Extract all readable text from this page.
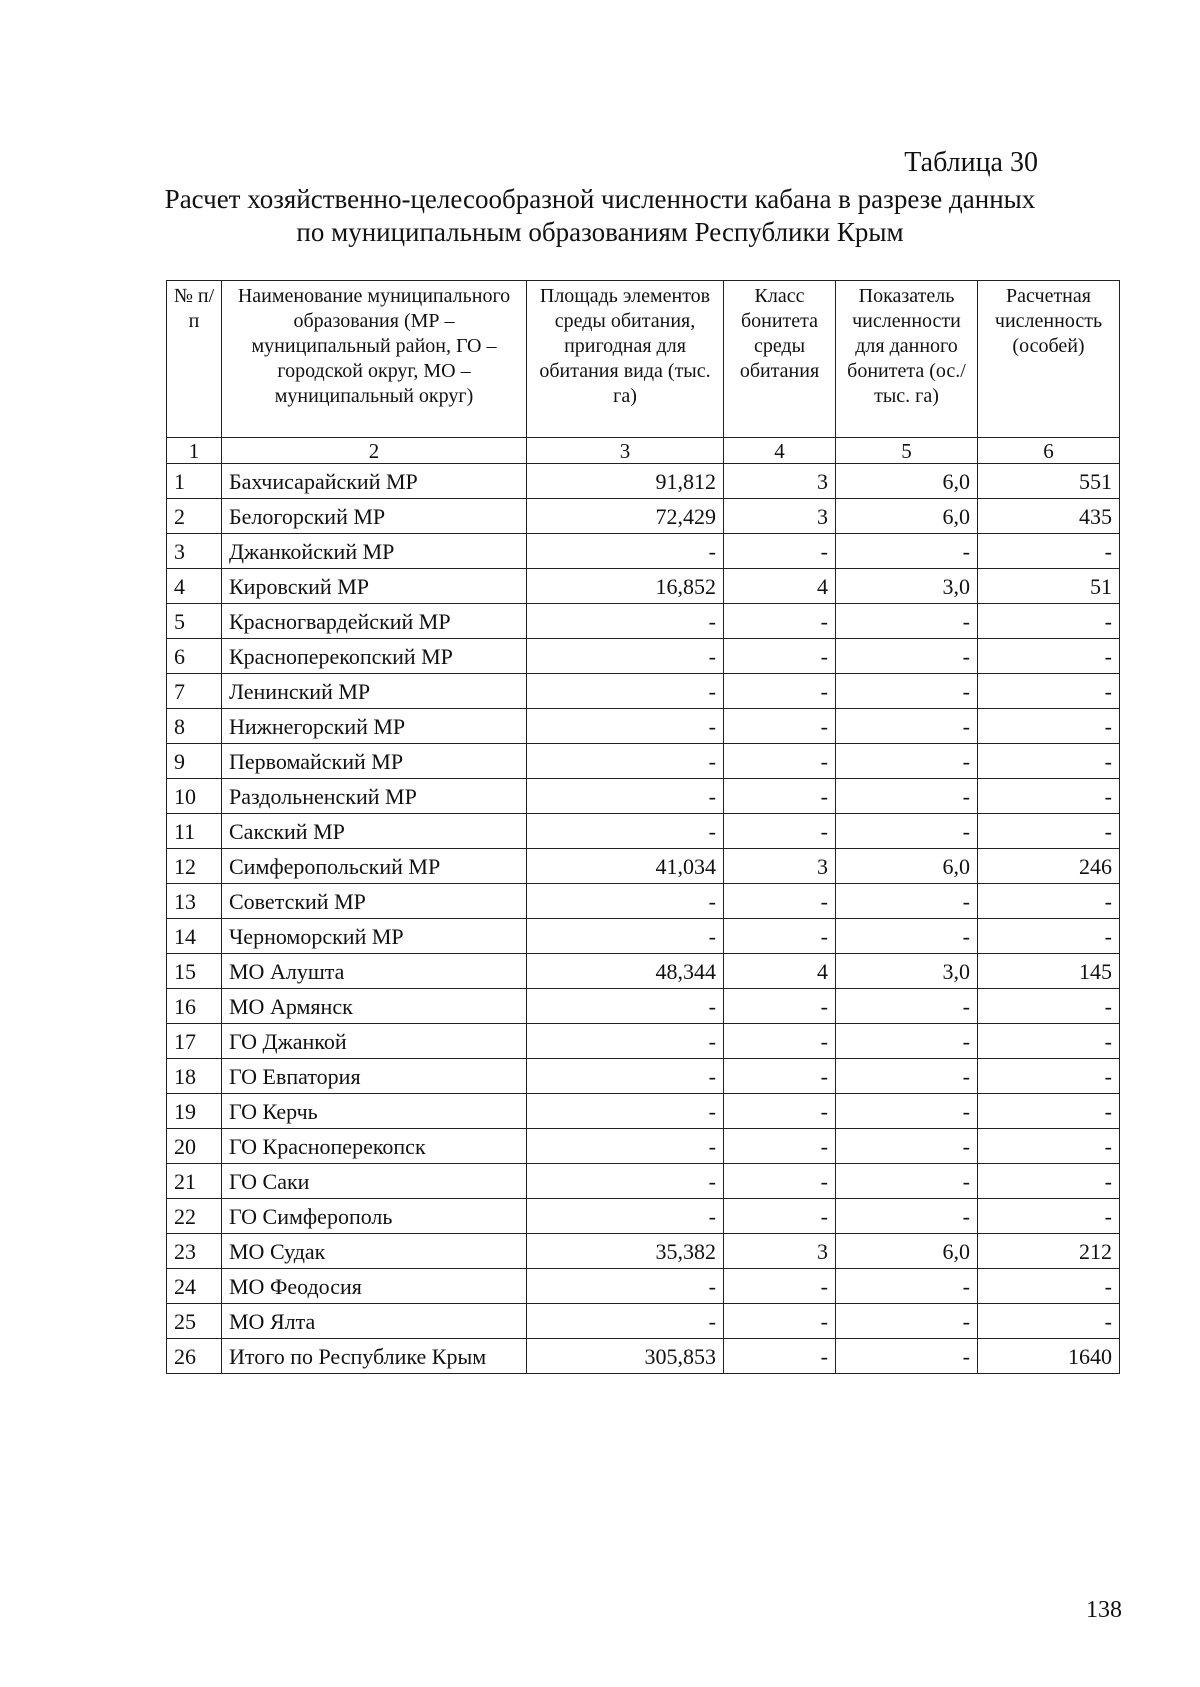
Таблица 30
Расчет хозяйственно-целесообразной численности кабана в разрезе данных
по муниципальным образованиям Республики Крым
№ п/п	Наименование муниципального образования (МР – муниципальный район, ГО – городской округ, МО – муниципальный округ)	Площадь элементов среды обитания, пригодная для обитания вида (тыс. га)	Класс бонитета среды обитания	Показатель численности для данного бонитета (ос./тыс. га)	Расчетная численность (особей)
1	2	3	4	5	6
1	Бахчисарайский МР	91,812	3	6,0	551
2	Белогорский МР	72,429	3	6,0	435
3	Джанкойский МР	-	-	-	-
4	Кировский МР	16,852	4	3,0	51
5	Красногвардейский МР	-	-	-	-
6	Красноперекопский МР	-	-	-	-
7	Ленинский МР	-	-	-	-
8	Нижнегорский МР	-	-	-	-
9	Первомайский МР	-	-	-	-
10	Раздольненский МР	-	-	-	-
11	Сакский МР	-	-	-	-
12	Симферопольский МР	41,034	3	6,0	246
13	Советский МР	-	-	-	-
14	Черноморский МР	-	-	-	-
15	МО Алушта	48,344	4	3,0	145
16	МО Армянск	-	-	-	-
17	ГО Джанкой	-	-	-	-
18	ГО Евпатория	-	-	-	-
19	ГО Керчь	-	-	-	-
20	ГО Красноперекопск	-	-	-	-
21	ГО Саки	-	-	-	-
22	ГО Симферополь	-	-	-	-
23	МО Судак	35,382	3	6,0	212
24	МО Феодосия	-	-	-	-
25	МО Ялта	-	-	-	-
26	Итого по Республике Крым	305,853	-	-	1640
138
